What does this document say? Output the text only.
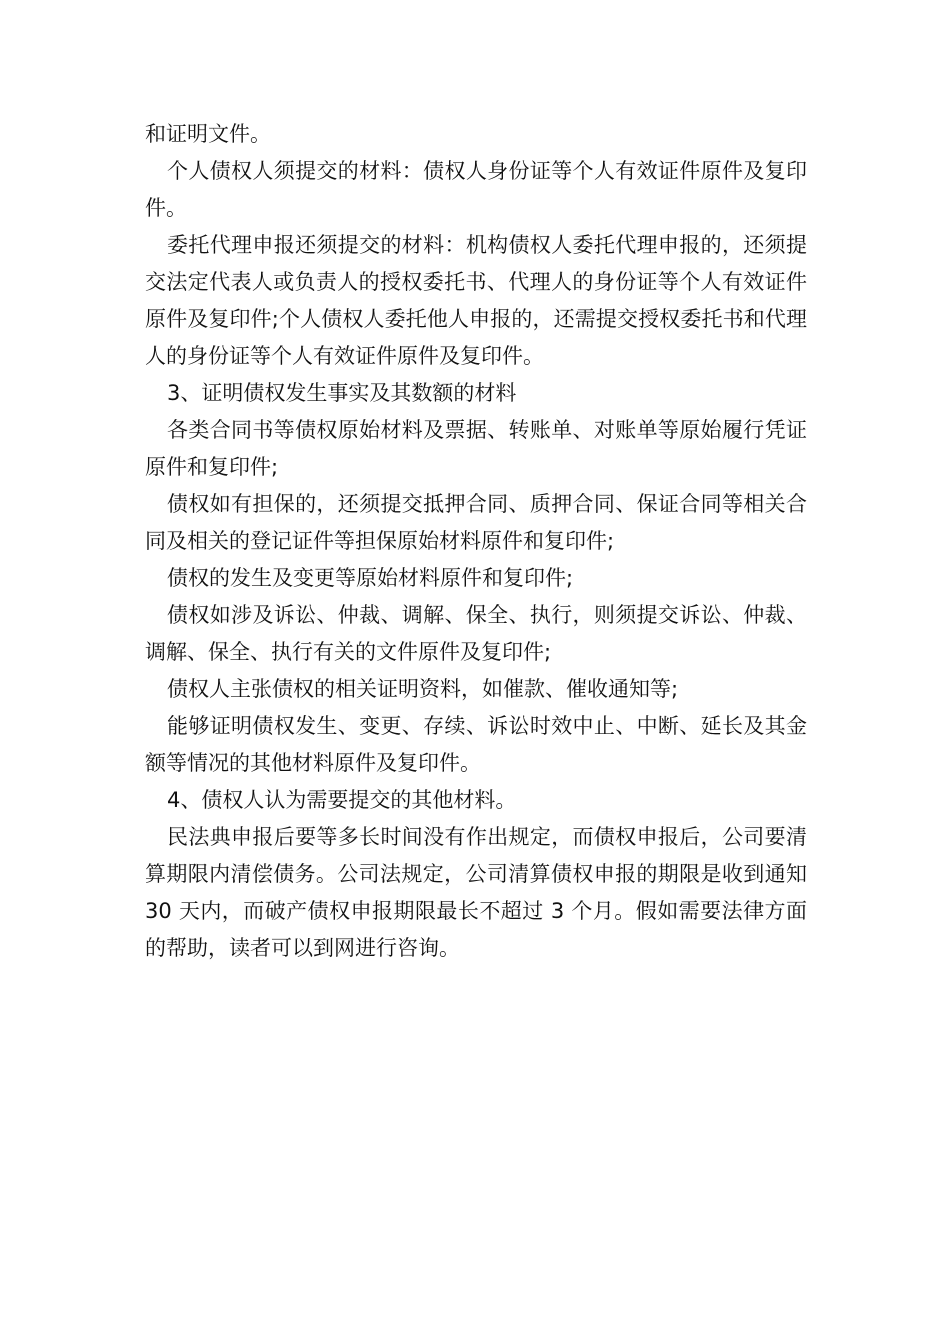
和证明文件。

个人债权人须提交的材料：债权人身份证等个人有效证件原件及复印件。

委托代理申报还须提交的材料：机构债权人委托代理申报的，还须提交法定代表人或负责人的授权委托书、代理人的身份证等个人有效证件原件及复印件;个人债权人委托他人申报的，还需提交授权委托书和代理人的身份证等个人有效证件原件及复印件。

3、证明债权发生事实及其数额的材料

各类合同书等债权原始材料及票据、转账单、对账单等原始履行凭证原件和复印件;

债权如有担保的，还须提交抵押合同、质押合同、保证合同等相关合同及相关的登记证件等担保原始材料原件和复印件;

债权的发生及变更等原始材料原件和复印件;

债权如涉及诉讼、仲裁、调解、保全、执行，则须提交诉讼、仲裁、调解、保全、执行有关的文件原件及复印件;

债权人主张债权的相关证明资料，如催款、催收通知等;

能够证明债权发生、变更、存续、诉讼时效中止、中断、延长及其金额等情况的其他材料原件及复印件。

4、债权人认为需要提交的其他材料。

民法典申报后要等多长时间没有作出规定，而债权申报后，公司要清算期限内清偿债务。公司法规定，公司清算债权申报的期限是收到通知 30 天内，而破产债权申报期限最长不超过 3 个月。假如需要法律方面的帮助，读者可以到网进行咨询。
